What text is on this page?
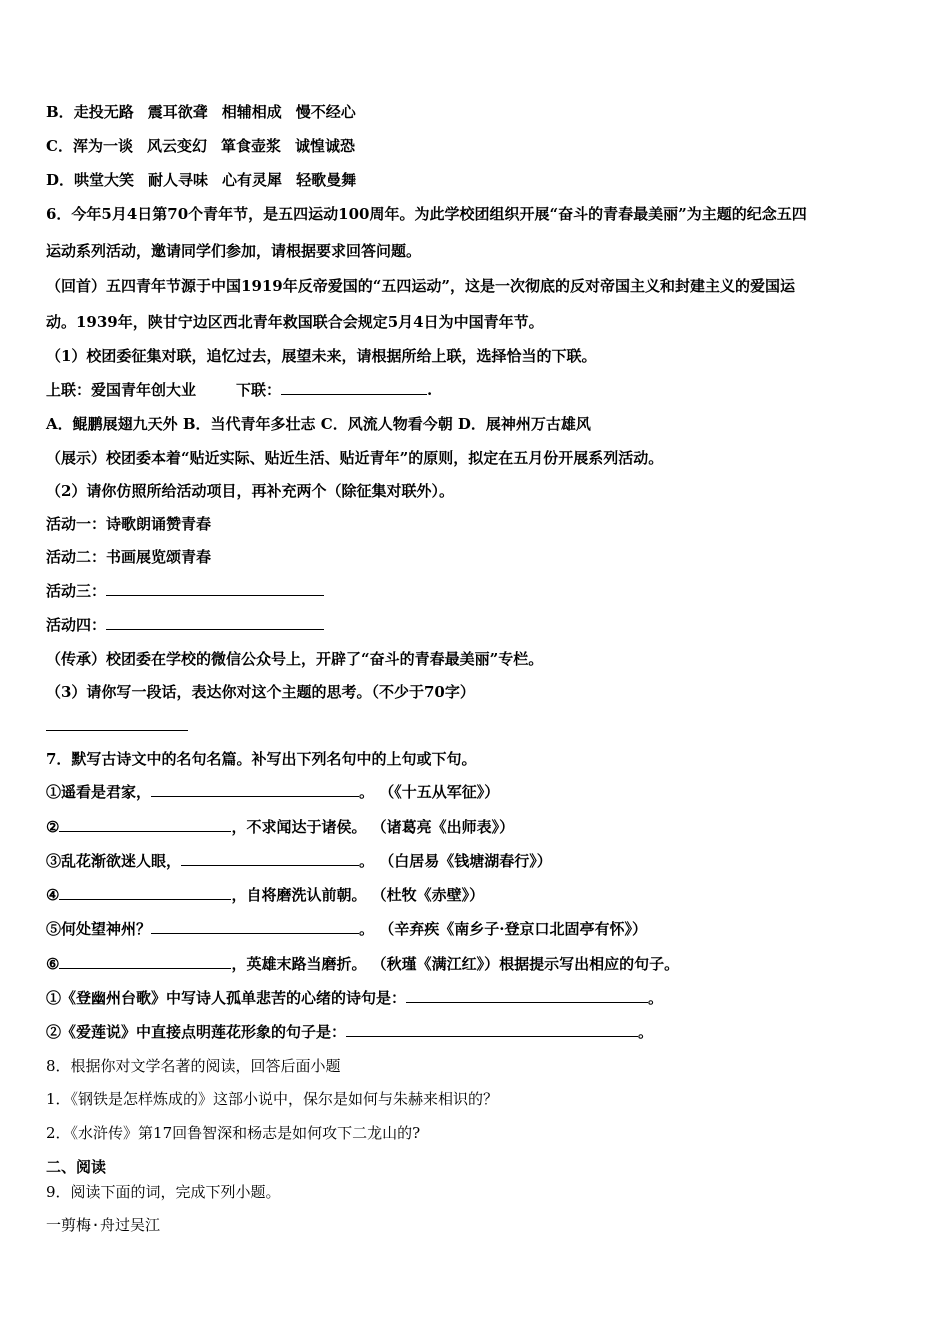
B．走投无路 震耳欲聋 相辅相成 慢不经心
C．浑为一谈 风云变幻 箪食壶浆 诚惶诚恐
D．哄堂大笑 耐人寻味 心有灵犀 轻歌曼舞
6．今年5月4日第70个青年节，是五四运动100周年。为此学校团组织开展“奋斗的青春最美丽”为主题的纪念五四
运动系列活动，邀请同学们参加，请根据要求回答问题。
（回首）五四青年节源于中国1919年反帝爱国的“五四运动”，这是一次彻底的反对帝国主义和封建主义的爱国运
动。1939年，陕甘宁边区西北青年救国联合会规定5月4日为中国青年节。
（1）校团委征集对联，追忆过去，展望未来，请根据所给上联，选择恰当的下联。
上联：爱国青年创大业	下联：	.
A．鲲鹏展翅九天外 B．当代青年多壮志 C．风流人物看今朝 D．展神州万古雄风
（展示）校团委本着“贴近实际、贴近生活、贴近青年”的原则，拟定在五月份开展系列活动。
（2）请你仿照所给活动项目，再补充两个（除征集对联外）。
活动一：诗歌朗诵赞青春
活动二：书画展览颂青春
活动三：
活动四：
（传承）校团委在学校的微信公众号上，开辟了“奋斗的青春最美丽”专栏。
（3）请你写一段话，表达你对这个主题的思考。（不少于70字）
7．默写古诗文中的名句名篇。补写出下列名句中的上句或下句。
①遥看是君家，	。 （《十五从军征》）
②	，不求闻达于诸侯。 （诸葛亮《出师表》）
③乱花渐欲迷人眼，	。 （白居易《钱塘湖春行》）
④	，自将磨洗认前朝。 （杜牧《赤壁》）
⑤何处望神州？	。 （辛弃疾《南乡子·登京口北固亭有怀》）
⑥	，英雄末路当磨折。 （秋瑾《满江红》）根据提示写出相应的句子。
①《登幽州台歌》中写诗人孤单悲苦的心绪的诗句是：	。
②《爱莲说》中直接点明莲花形象的句子是：	。
8．根据你对文学名著的阅读，回答后面小题
1．《钢铁是怎样炼成的》这部小说中，保尔是如何与朱赫来相识的？
2．《水浒传》第17回鲁智深和杨志是如何攻下二龙山的?
二、阅读
9．阅读下面的词，完成下列小题。
一剪梅·舟过吴江
